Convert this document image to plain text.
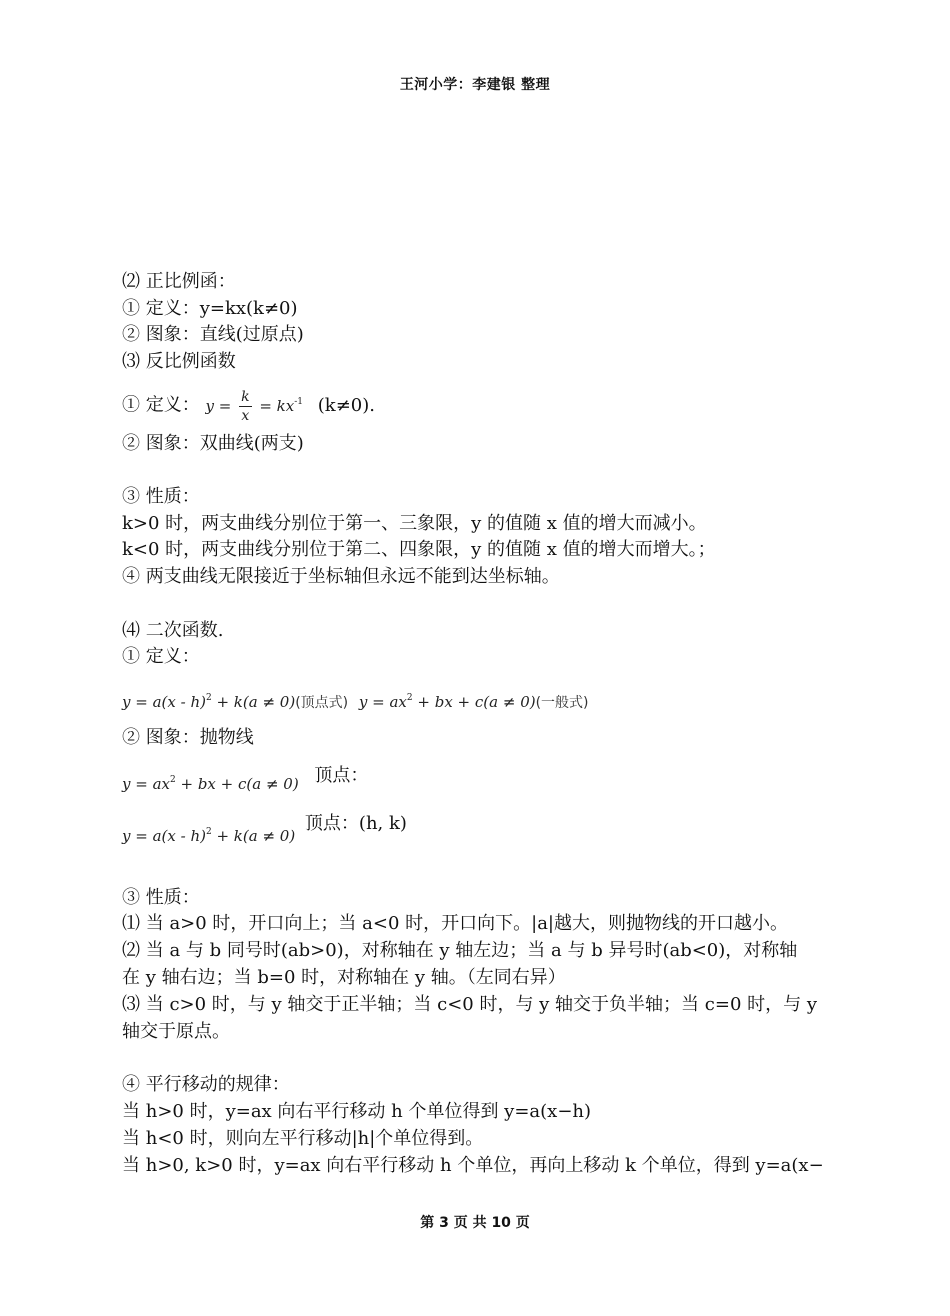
王河小学：李建银 整理
⑵ 正比例函：
① 定义：y=kx(k≠0)
② 图象：直线(过原点)
⑶ 反比例函数
① 定义： $y = \frac{k}{x} = kx^{-1}$ (k≠0).
② 图象：双曲线(两支)
③ 性质：
k>0 时，两支曲线分别位于第一、三象限，y 的值随 x 值的增大而减小。
k<0 时，两支曲线分别位于第二、四象限，y 的值随 x 值的增大而增大。；
④ 两支曲线无限接近于坐标轴但永远不能到达坐标轴。
⑷ 二次函数.
① 定义：
y = a(x - h)$^2$ + k(a ≠ 0)(顶点式) $y = ax^2$ + bx + c(a ≠ 0)(一般式)
② 图象：抛物线
$_{y = ax^2 + bx + c(a \ne 0)}$ 顶点：
$_{y = a(x - h)^2 + k(a \ne 0)}$ 顶点：(h, k)
③ 性质：
⑴ 当 a>0 时，开口向上；当 a<0 时，开口向下。|a|越大，则抛物线的开口越小。
⑵ 当 a 与 b 同号时(ab>0)，对称轴在 y 轴左边；当 a 与 b 异号时(ab<0)，对称轴
在 y 轴右边；当 b=0 时，对称轴在 y 轴。（左同右异）
⑶ 当 c>0 时，与 y 轴交于正半轴；当 c<0 时，与 y 轴交于负半轴；当 c=0 时，与 y
轴交于原点。
④ 平行移动的规律：
当 h>0 时，y=ax 向右平行移动 h 个单位得到 y=a(x−h)
当 h<0 时，则向左平行移动|h|个单位得到。
当 h>0, k>0 时，y=ax 向右平行移动 h 个单位，再向上移动 k 个单位，得到 y=a(x−
第 3 页 共 10 页
